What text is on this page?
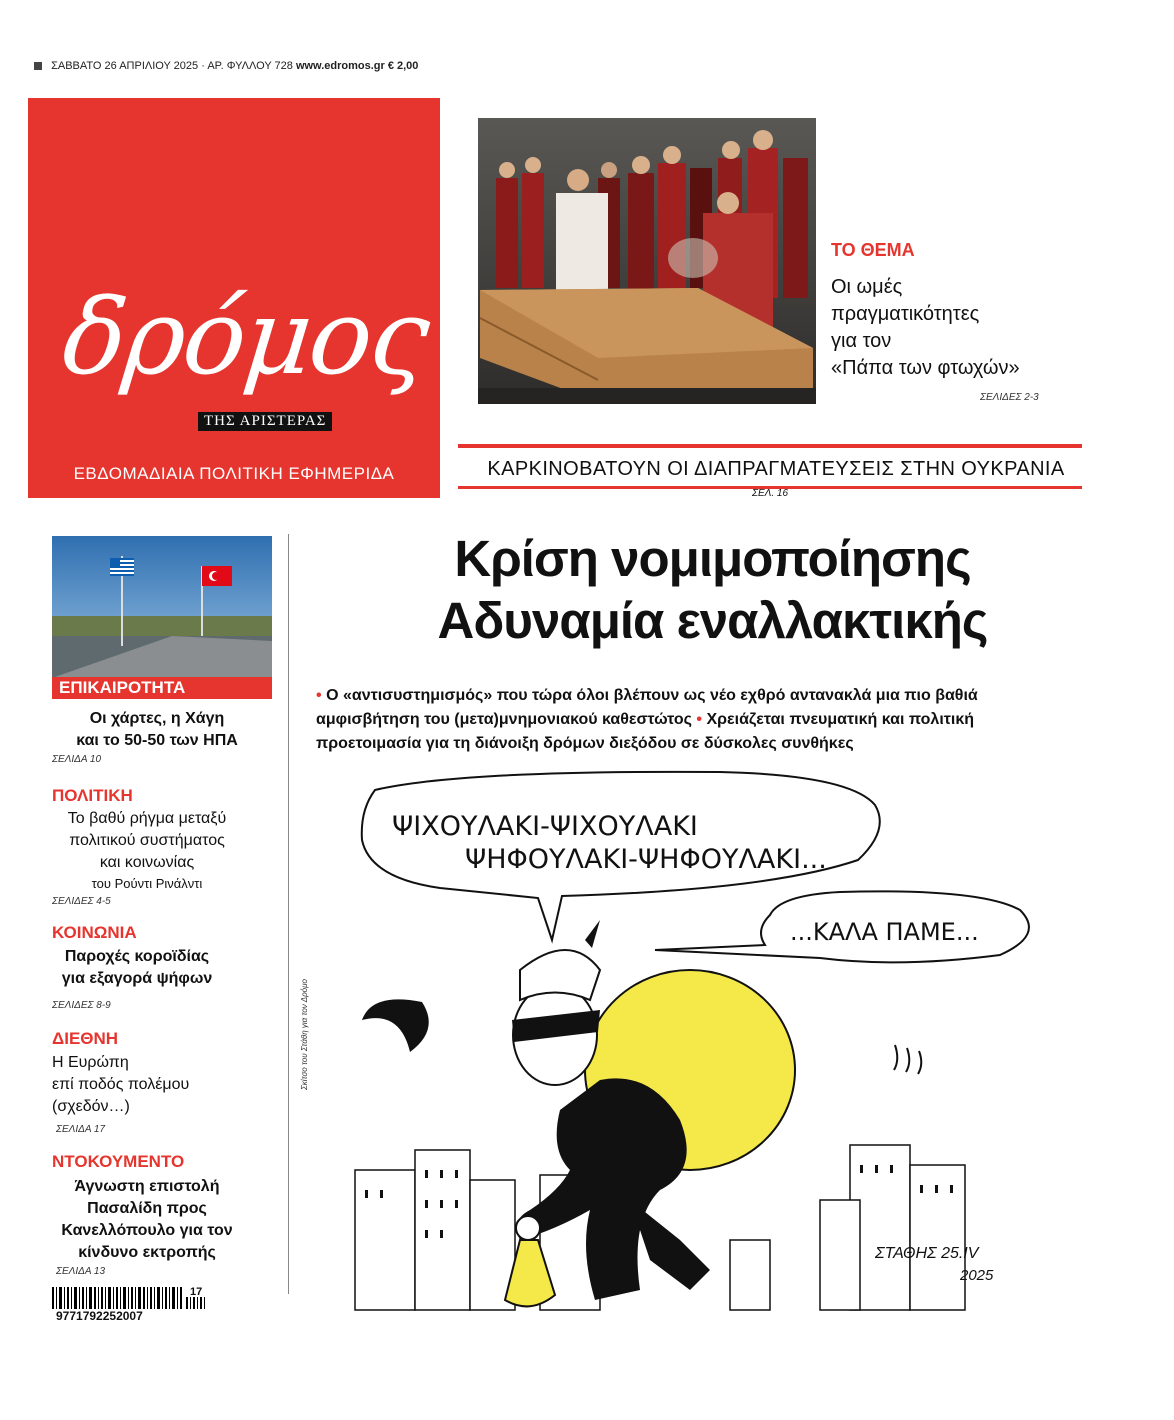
ΣΑΒΒΑΤΟ 26 ΑΠΡΙΛΙΟΥ 2025 · ΑΡ. ΦΥΛΛΟΥ 728 www.edromos.gr € 2,00
δρόμος
ΤΗΣ ΑΡΙΣΤΕΡΑΣ
ΕΒΔΟΜΑΔΙΑΙΑ ΠΟΛΙΤΙΚΗ ΕΦΗΜΕΡΙΔΑ
ΤΟ ΘΕΜΑ
Οι ωμές
πραγματικότητες
για τον
«Πάπα των φτωχών»
ΣΕΛΙΔΕΣ 2-3
ΚΑΡΚΙΝΟΒΑΤΟΥΝ ΟΙ ΔΙΑΠΡΑΓΜΑΤΕΥΣΕΙΣ ΣΤΗΝ ΟΥΚΡΑΝΙΑ
ΣΕΛ. 16
Κρίση νομιμοποίησης
Αδυναμία εναλλακτικής
• Ο «αντισυστημισμός» που τώρα όλοι βλέπουν ως νέο εχθρό αντανακλά μια πιο βαθιά αμφισβήτηση του (μετα)μνημονιακού καθεστώτος • Χρειάζεται πνευματική και πολιτική προετοιμασία για τη διάνοιξη δρόμων διεξόδου σε δύσκολες συνθήκες
ΕΠΙΚΑΙΡΟΤΗΤΑ
Οι χάρτες, η Χάγη
και το 50-50 των ΗΠΑ
ΣΕΛΙΔΑ 10
ΠΟΛΙΤΙΚΗ
Το βαθύ ρήγμα μεταξύ
πολιτικού συστήματος
και κοινωνίας
του Ρούντι Ρινάλντι
ΣΕΛΙΔΕΣ 4-5
ΚΟΙΝΩΝΙΑ
Παροχές κοροϊδίας
για εξαγορά ψήφων
ΣΕΛΙΔΕΣ 8-9
ΔΙΕΘΝΗ
Η Ευρώπη
επί ποδός πολέμου
(σχεδόν…)
ΣΕΛΙΔΑ 17
ΝΤΟΚΟΥΜΕΝΤΟ
Άγνωστη επιστολή
Πασαλίδη προς
Κανελλόπουλο για τον
κίνδυνο εκτροπής
ΣΕΛΙΔΑ 13
17
9771792252007
Σκίτσο του Στάθη για τον Δρόμο
ΨΙΧΟΥΛΑΚΙ-ΨΙΧΟΥΛΑΚΙ
ΨΗΦΟΥΛΑΚΙ-ΨΗΦΟΥΛΑΚΙ...
...ΚΑΛΑ ΠΑΜΕ...
ΣΤΑΘΗΣ 25.IV
2025
